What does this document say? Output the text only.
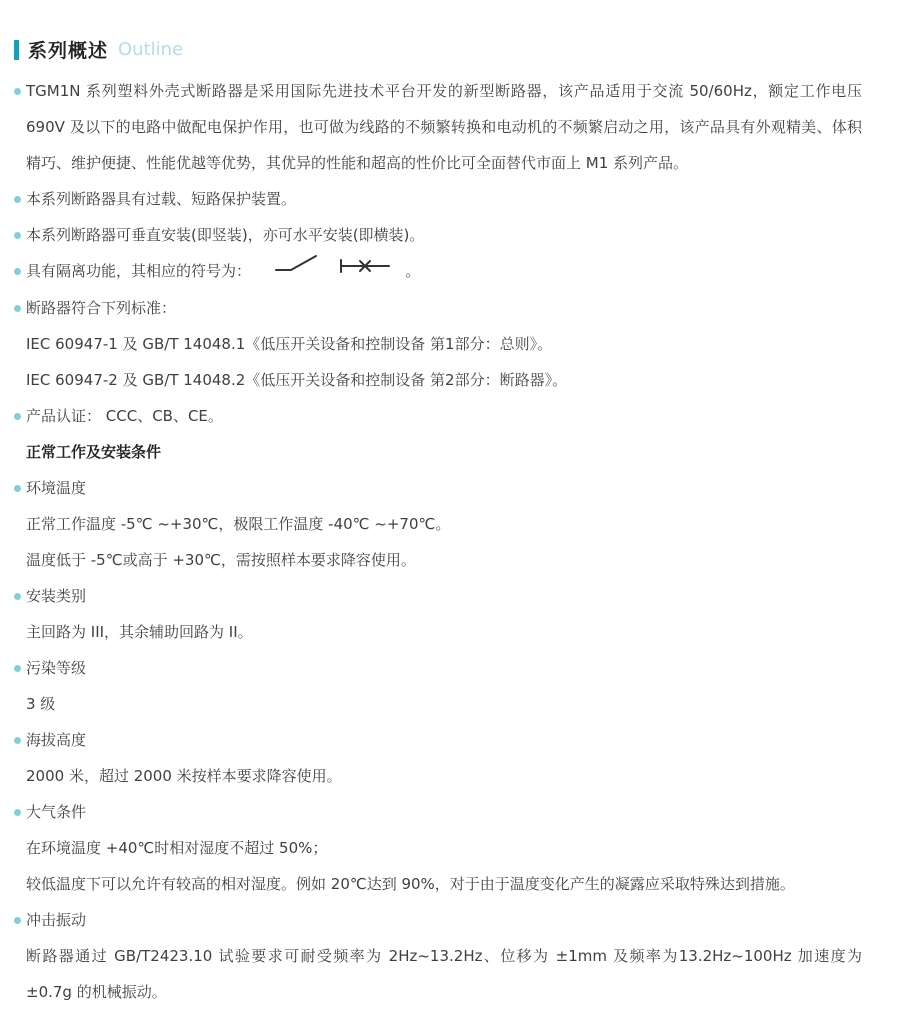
系列概述 Outline
TGM1N 系列塑料外壳式断路器是采用国际先进技术平台开发的新型断路器，该产品适用于交流 50/60Hz，额定工作电压 690V 及以下的电路中做配电保护作用，也可做为线路的不频繁转换和电动机的不频繁启动之用，该产品具有外观精美、体积精巧、维护便捷、性能优越等优势，其优异的性能和超高的性价比可全面替代市面上 M1 系列产品。
本系列断路器具有过载、短路保护装置。
本系列断路器可垂直安装(即竖装)，亦可水平安装(即横装)。
具有隔离功能，其相应的符号为：	。
断路器符合下列标准：
IEC 60947-1 及 GB/T 14048.1《低压开关设备和控制设备 第1部分：总则》。
IEC 60947-2 及 GB/T 14048.2《低压开关设备和控制设备 第2部分：断路器》。
产品认证： CCC、CB、CE。
正常工作及安装条件
环境温度
正常工作温度 -5℃ ~+30℃，极限工作温度 -40℃ ~+70℃。
温度低于 -5℃或高于 +30℃，需按照样本要求降容使用。
安装类别
主回路为 III，其余辅助回路为 II。
污染等级
3 级
海拔高度
2000 米，超过 2000 米按样本要求降容使用。
大气条件
在环境温度 +40℃时相对湿度不超过 50%；
较低温度下可以允许有较高的相对湿度。例如 20℃达到 90%，对于由于温度变化产生的凝露应采取特殊达到措施。
冲击振动
断路器通过 GB/T2423.10 试验要求可耐受频率为 2Hz~13.2Hz、位移为 ±1mm 及频率为13.2Hz~100Hz 加速度为 ±0.7g 的机械振动。
